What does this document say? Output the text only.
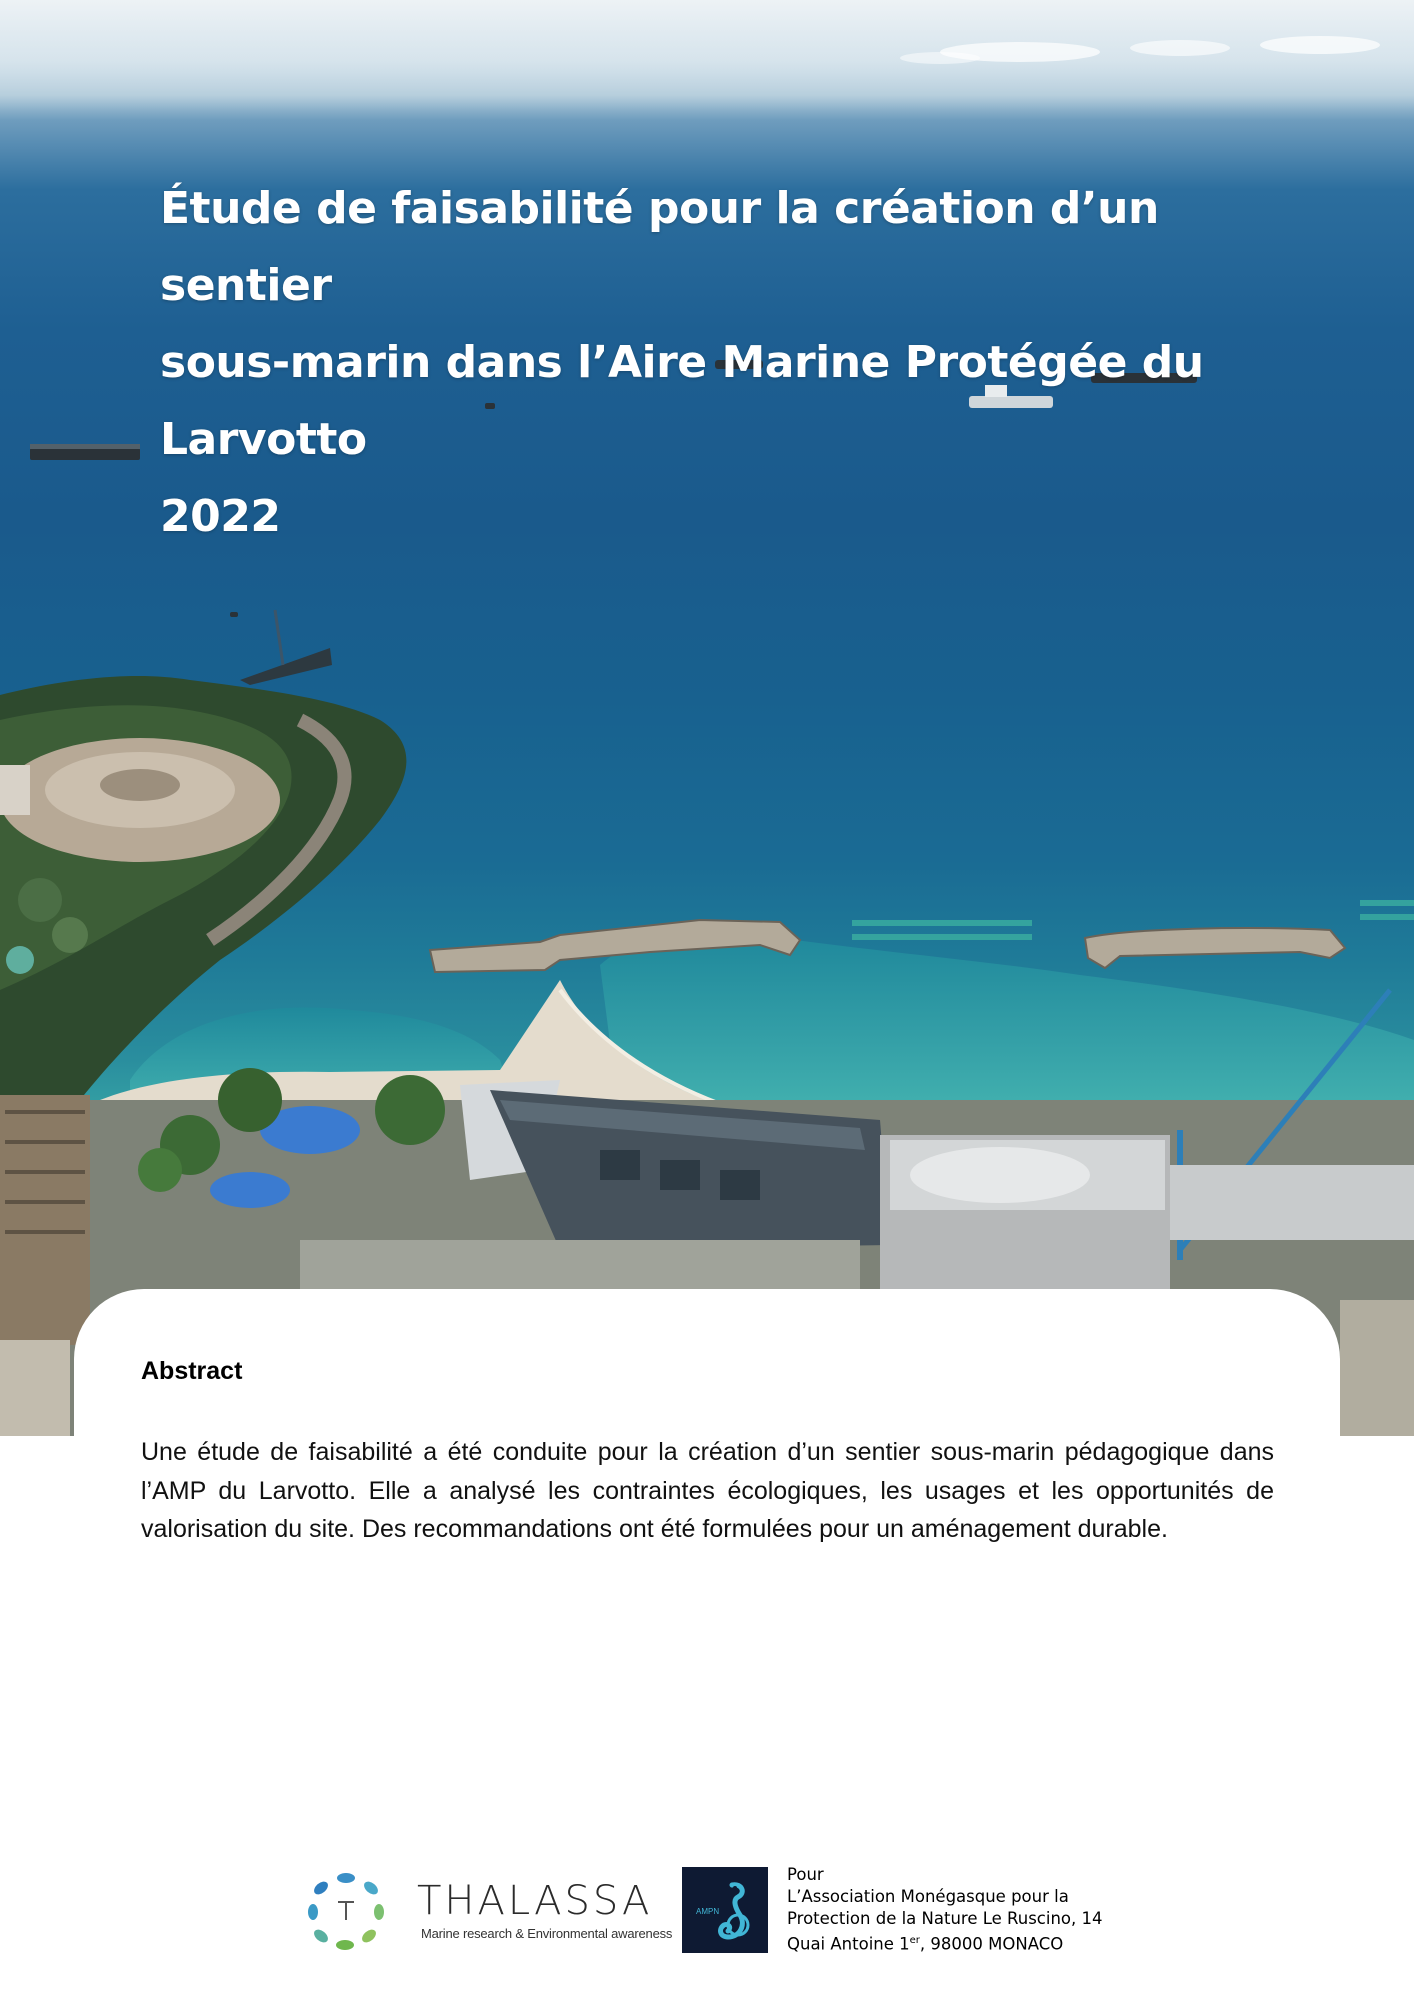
Étude de faisabilité pour la création d’un sentier
sous-marin dans l’Aire Marine Protégée du
Larvotto
2022
Abstract

Une étude de faisabilité a été conduite pour la création d’un sentier sous-marin pédagogique dans l’AMP du Larvotto. Elle a analysé les contraintes écologiques, les usages et les opportunités de valorisation du site. Des recommandations ont été formulées pour un aménagement durable.

THALASSA
Marine research & Environmental awareness
AMPN
Pour
L’Association Monégasque pour la
Protection de la Nature Le Ruscino, 14
Quai Antoine 1er, 98000 MONACO
